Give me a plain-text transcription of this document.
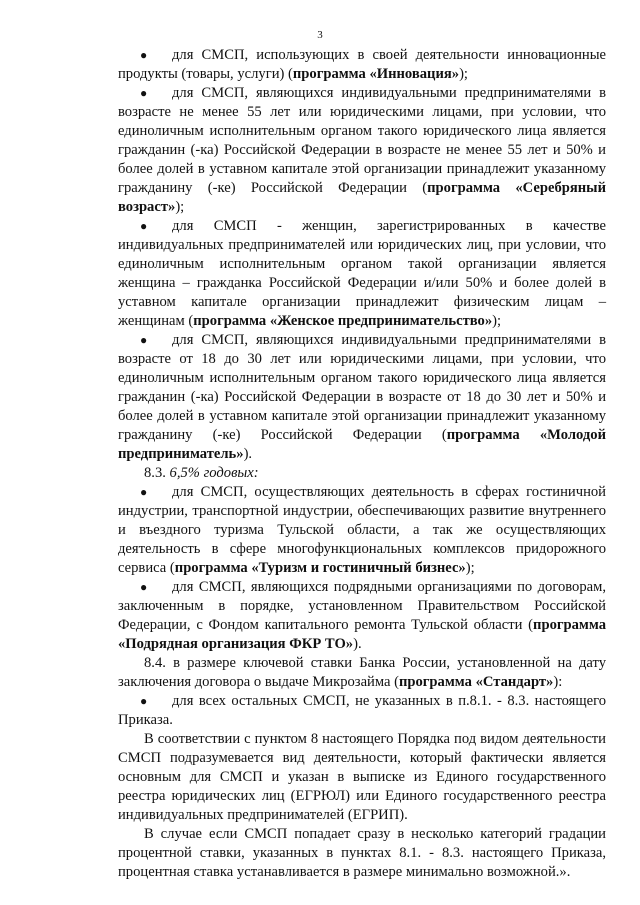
3

● для СМСП, использующих в своей деятельности инновационные продукты (товары, услуги) (программа «Инновация»);

● для СМСП, являющихся индивидуальными предпринимателями в возрасте не менее 55 лет или юридическими лицами, при условии, что единоличным исполнительным органом такого юридического лица является гражданин (-ка) Российской Федерации в возрасте не менее 55 лет и 50% и более долей в уставном капитале этой организации принадлежит указанному гражданину (-ке) Российской Федерации (программа «Серебряный возраст»);

● для СМСП - женщин, зарегистрированных в качестве индивидуальных предпринимателей или юридических лиц, при условии, что единоличным исполнительным органом такой организации является женщина – гражданка Российской Федерации и/или 50% и более долей в уставном капитале организации принадлежит физическим лицам – женщинам (программа «Женское предпринимательство»);

● для СМСП, являющихся индивидуальными предпринимателями в возрасте от 18 до 30 лет или юридическими лицами, при условии, что единоличным исполнительным органом такого юридического лица является гражданин (-ка) Российской Федерации в возрасте от 18 до 30 лет и 50% и более долей в уставном капитале этой организации принадлежит указанному гражданину (-ке) Российской Федерации (программа «Молодой предприниматель»).

8.3. 6,5% годовых:

● для СМСП, осуществляющих деятельность в сферах гостиничной индустрии, транспортной индустрии, обеспечивающих развитие внутреннего и въездного туризма Тульской области, а так же осуществляющих деятельность в сфере многофункциональных комплексов придорожного сервиса (программа «Туризм и гостиничный бизнес»);

● для СМСП, являющихся подрядными организациями по договорам, заключенным в порядке, установленном Правительством Российской Федерации, с Фондом капитального ремонта Тульской области (программа «Подрядная организация ФКР ТО»).

8.4. в размере ключевой ставки Банка России, установленной на дату заключения договора о выдаче Микрозайма (программа «Стандарт»):

● для всех остальных СМСП, не указанных в п.8.1. - 8.3. настоящего Приказа.

В соответствии с пунктом 8 настоящего Порядка под видом деятельности СМСП подразумевается вид деятельности, который фактически является основным для СМСП и указан в выписке из Единого государственного реестра юридических лиц (ЕГРЮЛ) или Единого государственного реестра индивидуальных предпринимателей (ЕГРИП).

В случае если СМСП попадает сразу в несколько категорий градации процентной ставки, указанных в пунктах 8.1. - 8.3. настоящего Приказа, процентная ставка устанавливается в размере минимально возможной.».
